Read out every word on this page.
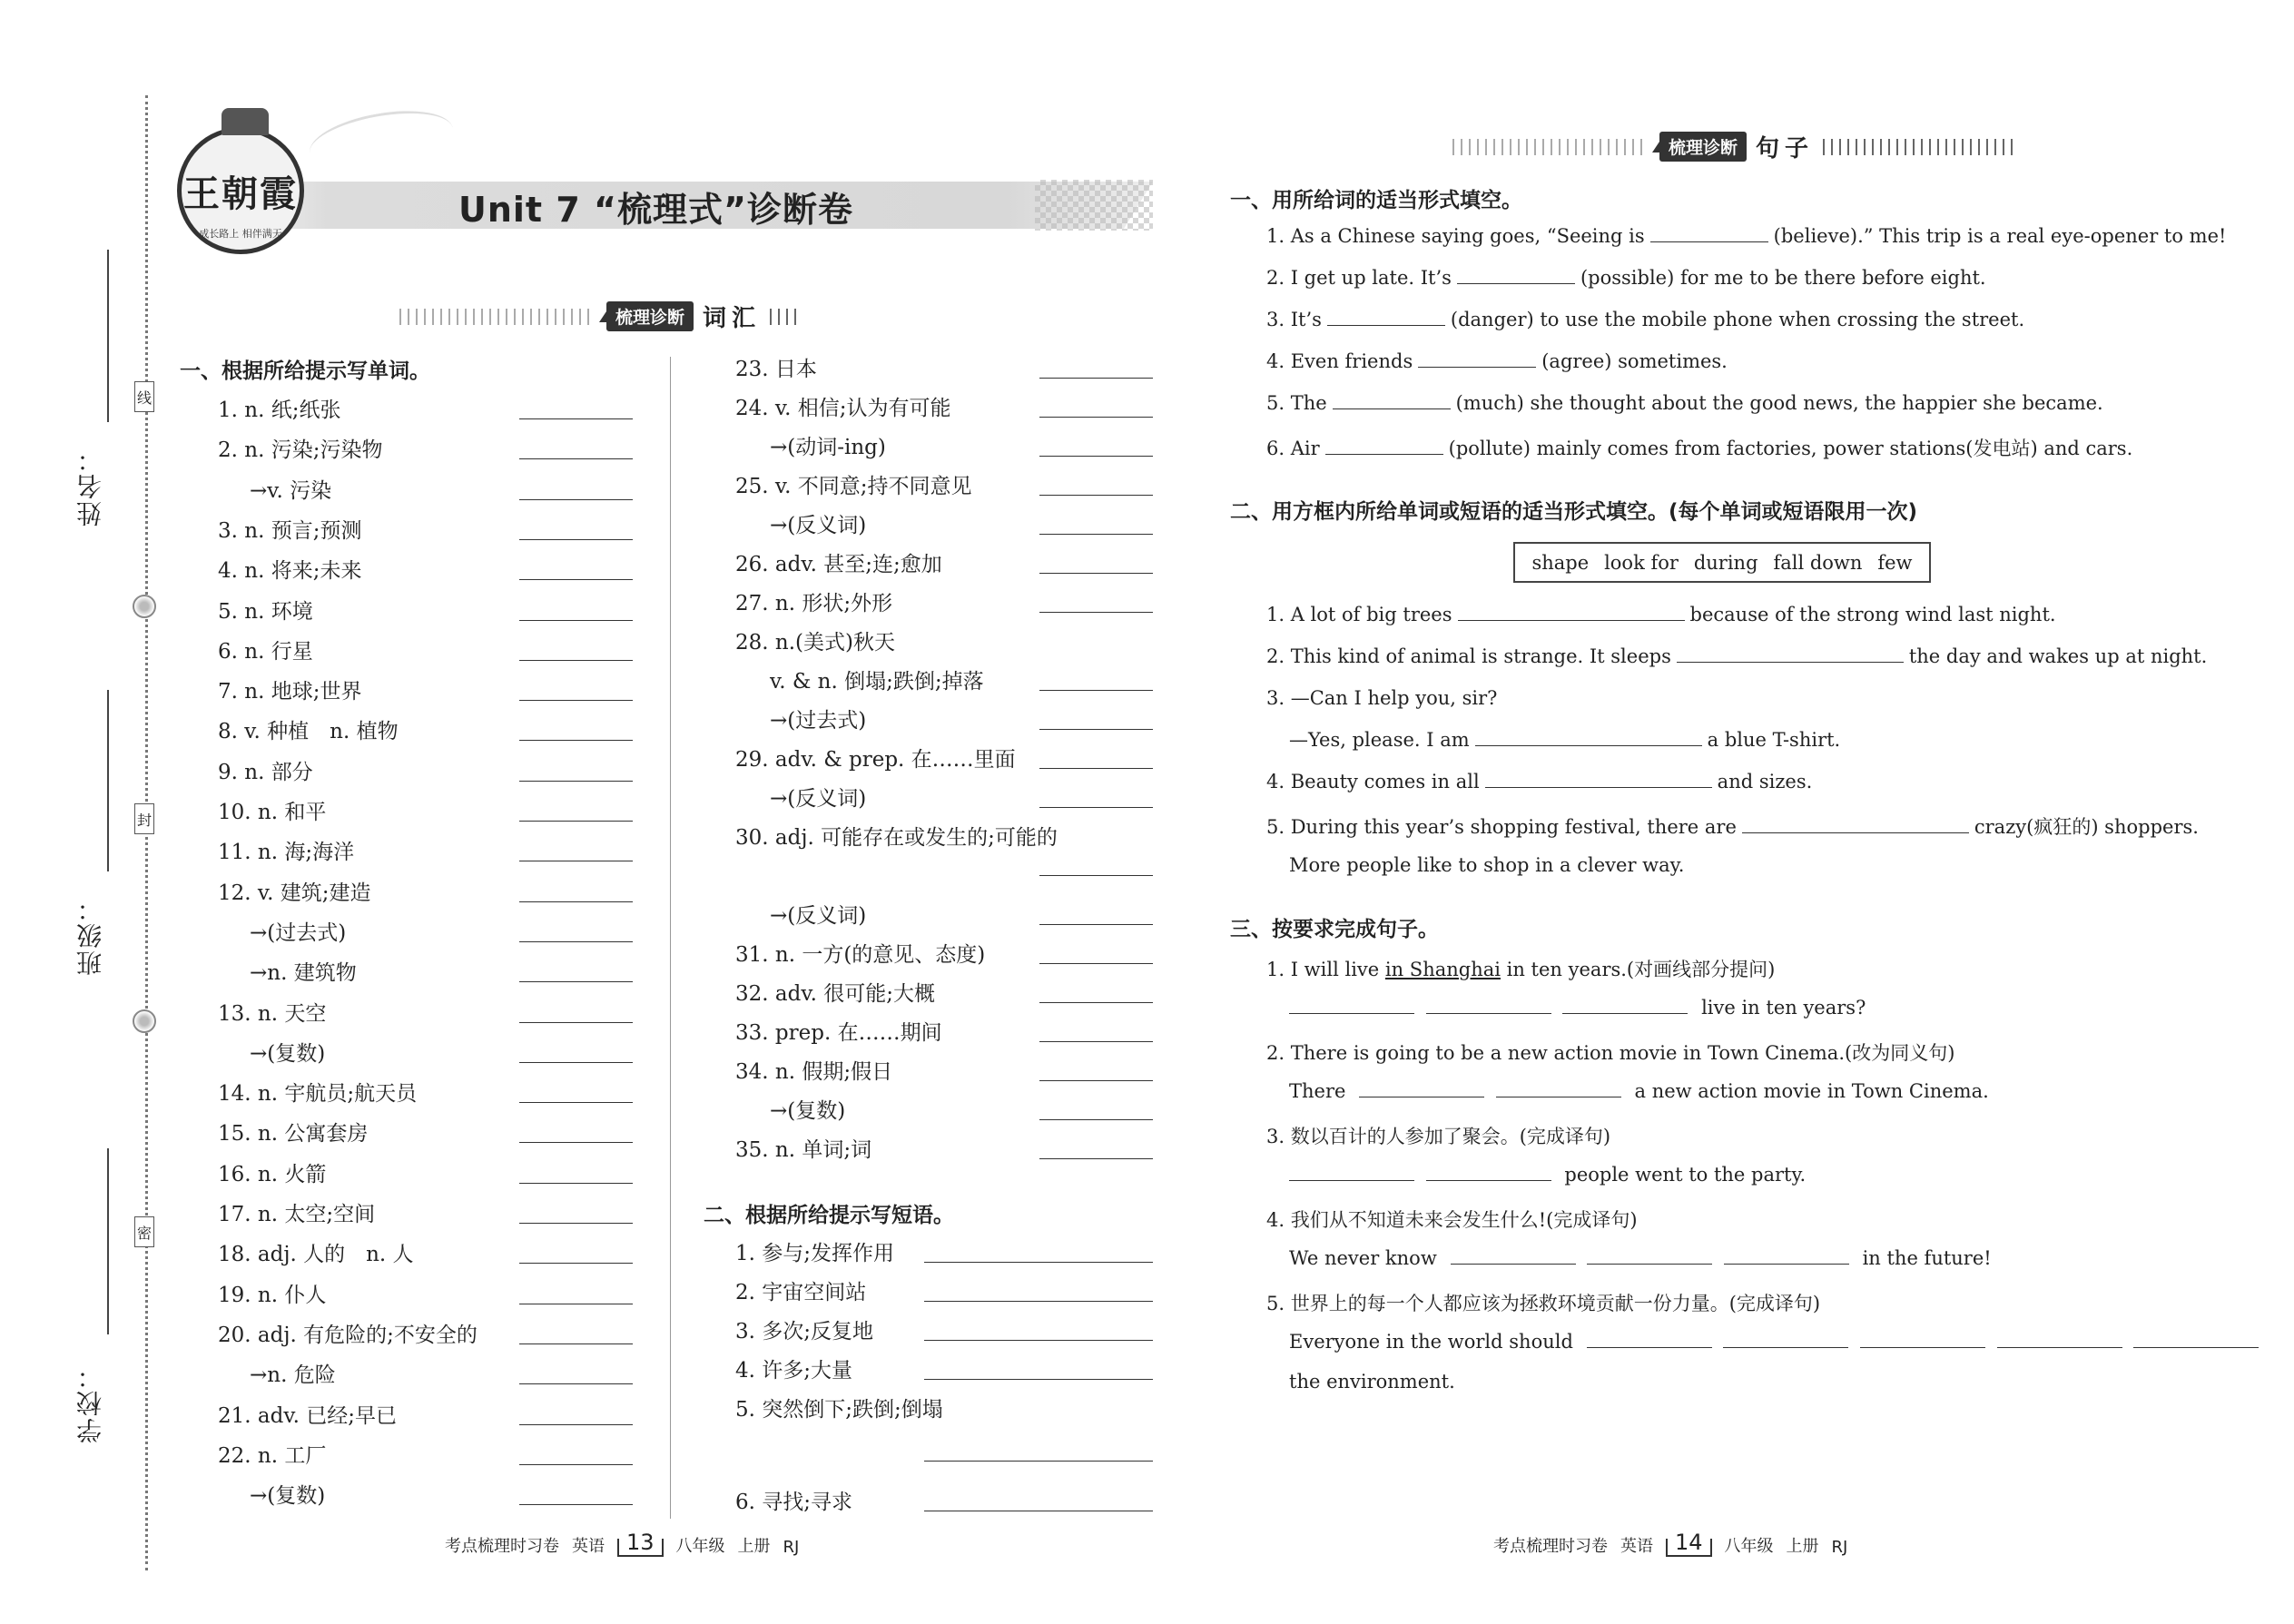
姓名：
线
班级：
封
学校：
密
王朝霞
成长路上 相伴满天
Unit 7 “梳理式”诊断卷
梳理诊断 词汇
一、根据所给提示写单词。
二、根据所给提示写短语。
梳理诊断 句子
一、用所给词的适当形式填空。
二、用方框内所给单词或短语的适当形式填空。(每个单词或短语限用一次)
shape look for during fall down few
三、按要求完成句子。
1. I will live in Shanghai in ten years.(对画线部分提问)
live in ten years?
2. There is going to be a new action movie in Town Cinema.(改为同义句)
There	a new action movie in Town Cinema.
3. 数以百计的人参加了聚会。(完成译句)
people went to the party.
4. 我们从不知道未来会发生什么!(完成译句)
We never know	in the future!
5. 世界上的每一个人都应该为拯救环境贡献一份力量。(完成译句)
Everyone in the world should
the environment.
考点梳理时习卷 英语	13	八年级 上册 RJ	考点梳理时习卷 英语	14	八年级 上册 RJ
1. n. 纸;纸张
2. n. 污染;污染物
→v. 污染
3. n. 预言;预测
4. n. 将来;未来
5. n. 环境
6. n. 行星
7. n. 地球;世界
8. v. 种植　n. 植物
9. n. 部分
10. n. 和平
11. n. 海;海洋
12. v. 建筑;建造
→(过去式)
→n. 建筑物
13. n. 天空
→(复数)
14. n. 宇航员;航天员
15. n. 公寓套房
16. n. 火箭
17. n. 太空;空间
18. adj. 人的　n. 人
19. n. 仆人
20. adj. 有危险的;不安全的
→n. 危险
21. adv. 已经;早已
22. n. 工厂
→(复数)
23. 日本
24. v. 相信;认为有可能
→(动词-ing)
25. v. 不同意;持不同意见
→(反义词)
26. adv. 甚至;连;愈加
27. n. 形状;外形
28. n.(美式)秋天
v. & n. 倒塌;跌倒;掉落
→(过去式)
29. adv. & prep. 在……里面
→(反义词)
30. adj. 可能存在或发生的;可能的
→(反义词)
31. n. 一方(的意见、态度)
32. adv. 很可能;大概
33. prep. 在……期间
34. n. 假期;假日
→(复数)
35. n. 单词;词
1. 参与;发挥作用
2. 宇宙空间站
3. 多次;反复地
4. 许多;大量
5. 突然倒下;跌倒;倒塌
6. 寻找;寻求
1. As a Chinese saying goes, “Seeing is	(believe).” This trip is a real eye-opener to me!
2. I get up late. It’s	(possible) for me to be there before eight.
3. It’s	(danger) to use the mobile phone when crossing the street.
4. Even friends	(agree) sometimes.
5. The	(much) she thought about the good news, the happier she became.
6. Air	(pollute) mainly comes from factories, power stations(发电站) and cars.
1. A lot of big trees	because of the strong wind last night.
2. This kind of animal is strange. It sleeps	the day and wakes up at night.
3. —Can I help you, sir?
—Yes, please. I am	a blue T-shirt.
4. Beauty comes in all	and sizes.
5. During this year’s shopping festival, there are	crazy(疯狂的) shoppers.
More people like to shop in a clever way.
